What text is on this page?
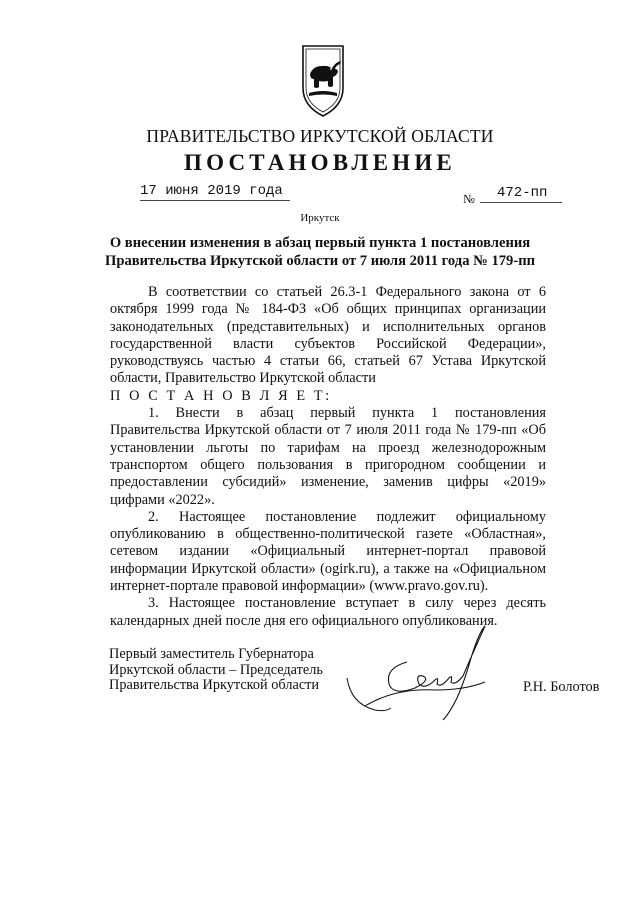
ПРАВИТЕЛЬСТВО ИРКУТСКОЙ ОБЛАСТИ
ПОСТАНОВЛЕНИЕ
17 июня 2019 года	№ 472-пп
Иркутск
О внесении изменения в абзац первый пункта 1 постановления
Правительства Иркутской области от 7 июля 2011 года № 179-пп

В соответствии со статьей 26.3-1 Федерального закона от 6 октября 1999 года № 184-ФЗ «Об общих принципах организации законодательных (представительных) и исполнительных органов государственной власти субъектов Российской Федерации», руководствуясь частью 4 статьи 66, статьей 67 Устава Иркутской области, Правительство Иркутской области

П О С Т А Н О В Л Я Е Т:

1. Внести в абзац первый пункта 1 постановления Правительства Иркутской области от 7 июля 2011 года № 179-пп «Об установлении льготы по тарифам на проезд железнодорожным транспортом общего пользования в пригородном сообщении и предоставлении субсидий» изменение, заменив цифры «2019» цифрами «2022».

2. Настоящее постановление подлежит официальному опубликованию в общественно-политической газете «Областная», сетевом издании «Официальный интернет-портал правовой информации Иркутской области» (ogirk.ru), а также на «Официальном интернет-портале правовой информации» (www.pravo.gov.ru).

3. Настоящее постановление вступает в силу через десять календарных дней после дня его официального опубликования.

Первый заместитель Губернатора
Иркутской области – Председатель
Правительства Иркутской области	Р.Н. Болотов
